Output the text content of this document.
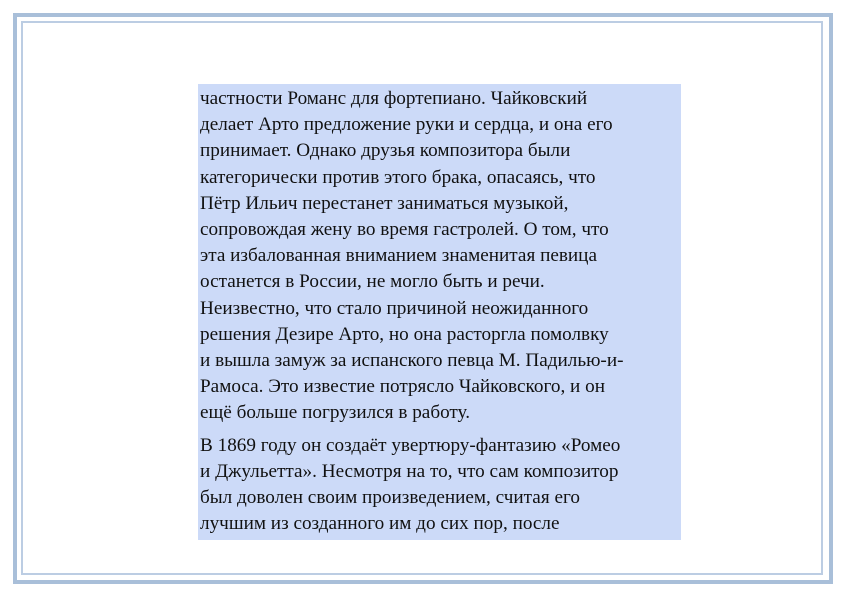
частности Романс для фортепиано. Чайковский
делает Арто предложение руки и сердца, и она его
принимает. Однако друзья композитора были
категорически против этого брака, опасаясь, что
Пётр Ильич перестанет заниматься музыкой,
сопровождая жену во время гастролей. О том, что
эта избалованная вниманием знаменитая певица
останется в России, не могло быть и речи.
Неизвестно, что стало причиной неожиданного
решения Дезире Арто, но она расторгла помолвку
и вышла замуж за испанского певца М. Падилью-и-
Рамоса. Это известие потрясло Чайковского, и он
ещё больше погрузился в работу.
В 1869 году он создаёт увертюру-фантазию «Ромео
и Джульетта». Несмотря на то, что сам композитор
был доволен своим произведением, считая его
лучшим из созданного им до сих пор, после
